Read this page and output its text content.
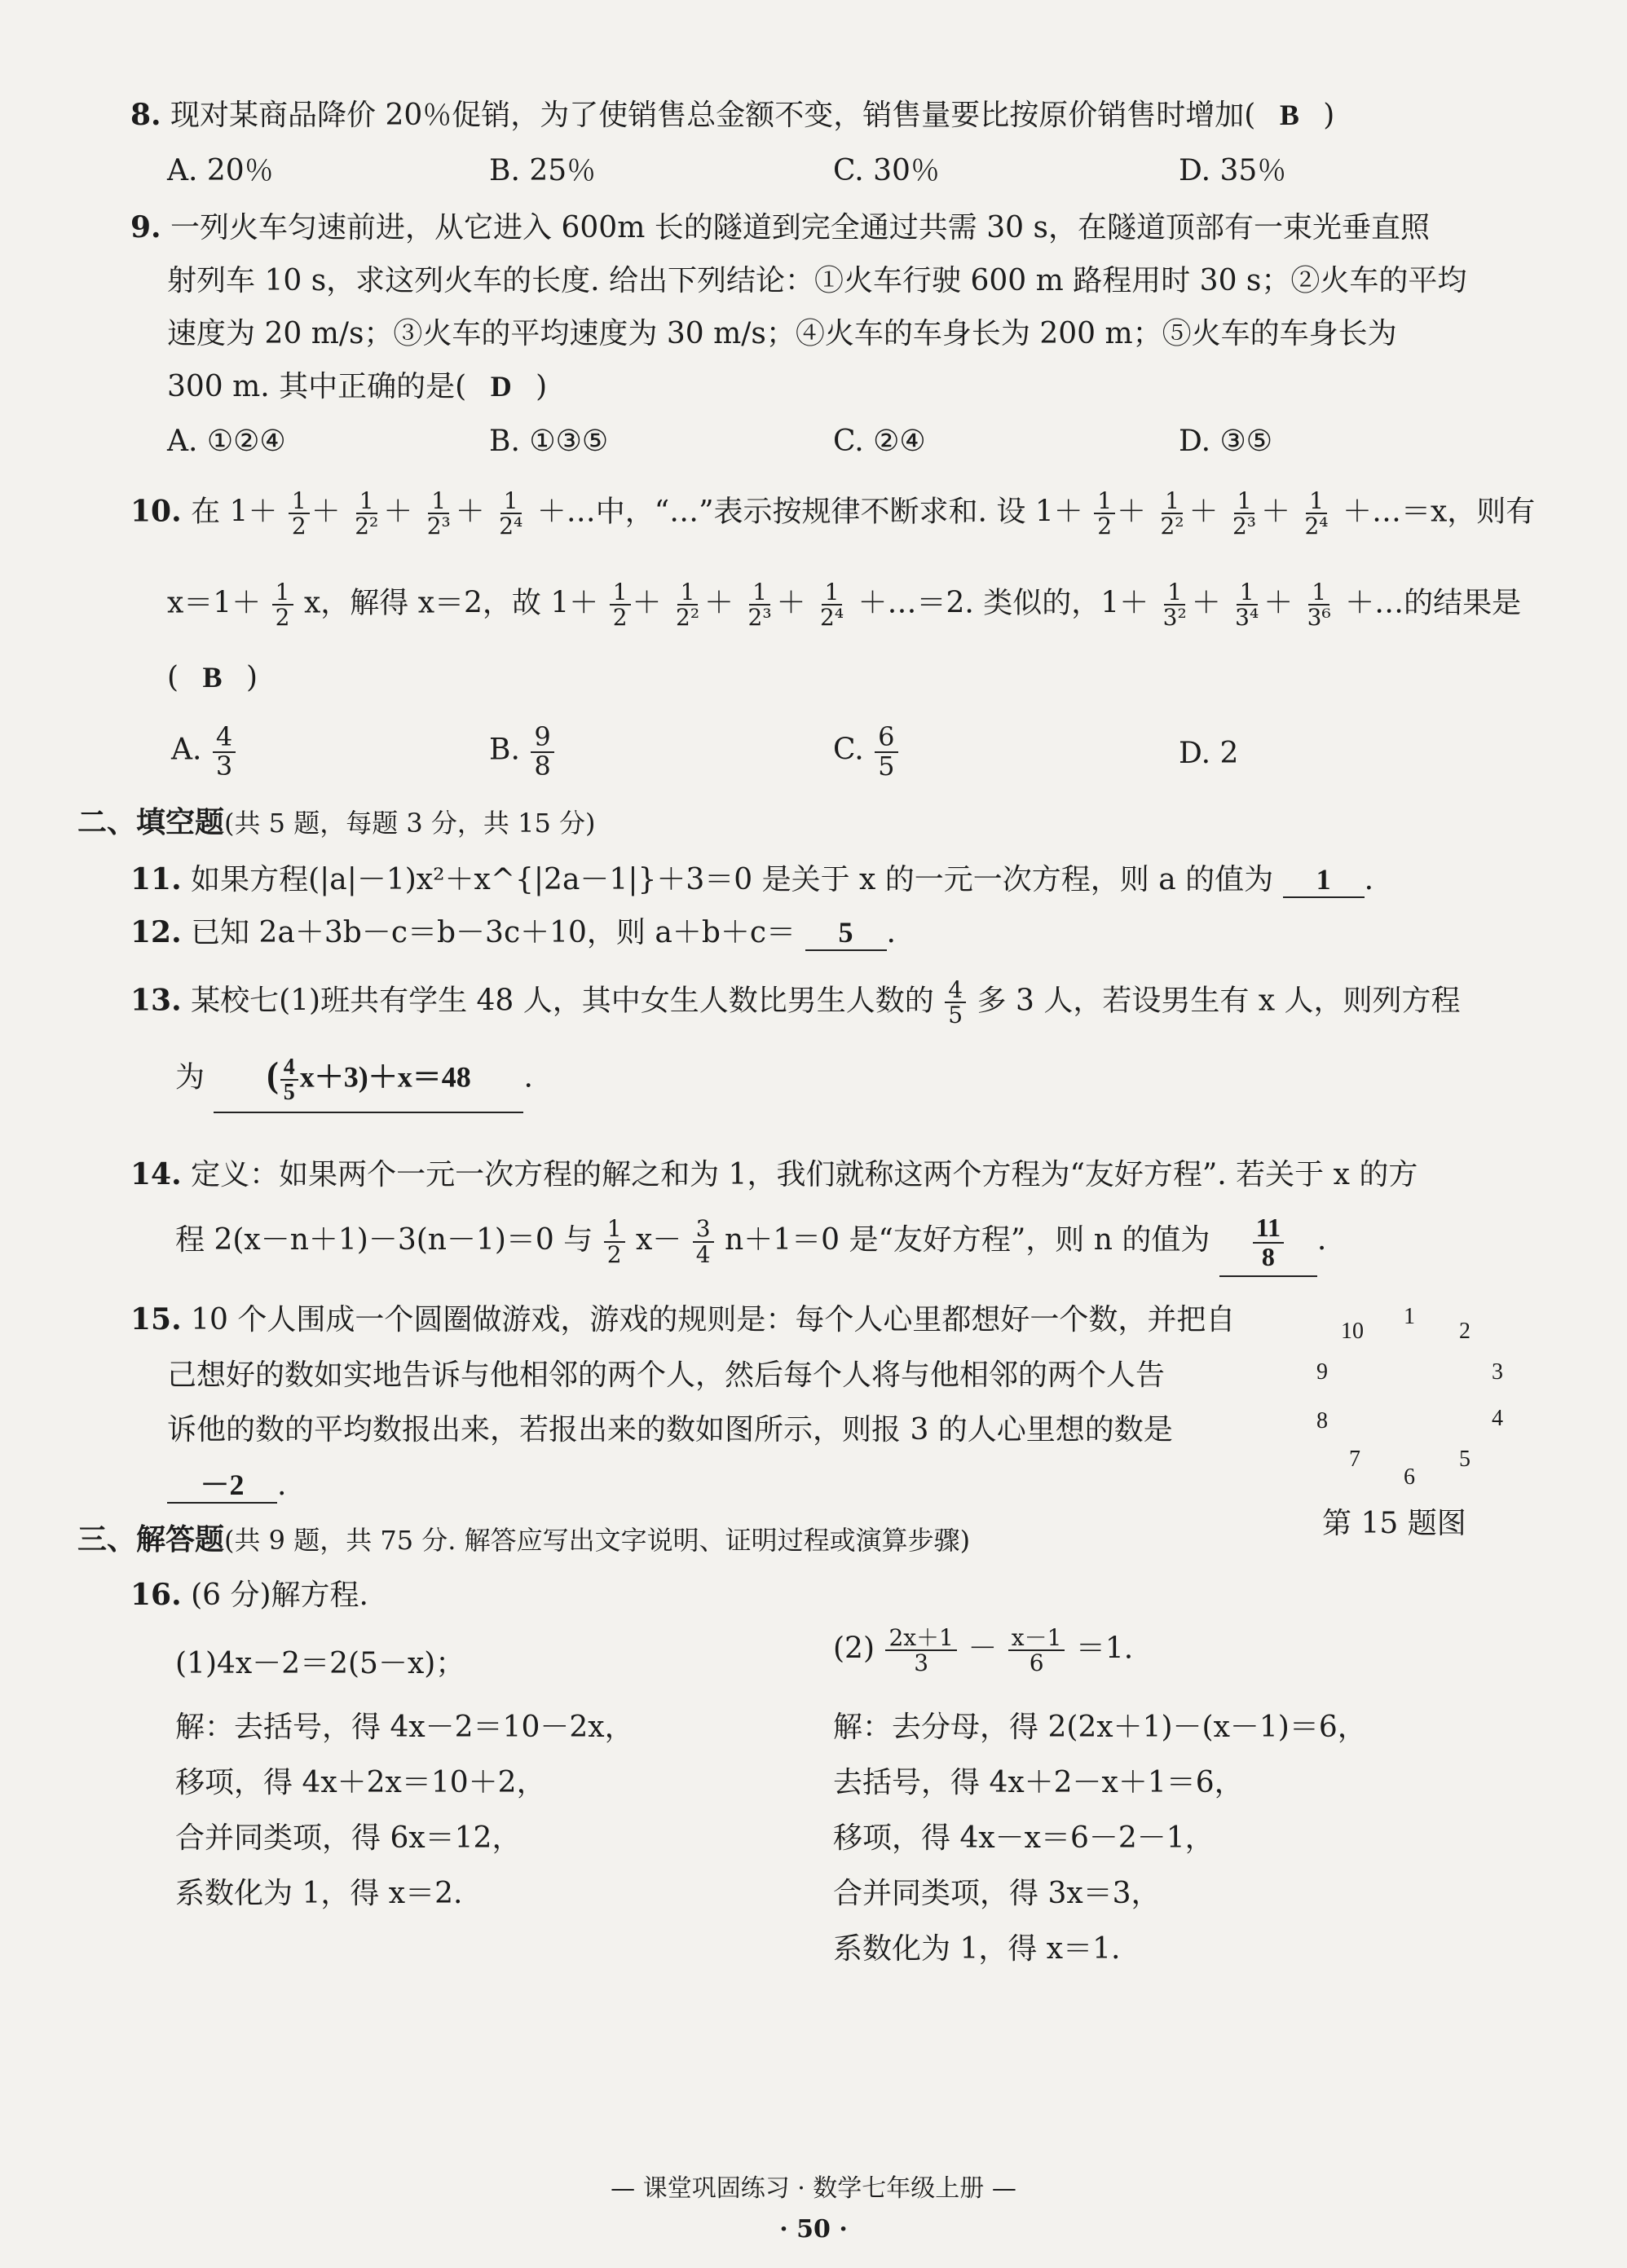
8. 现对某商品降价 20％促销，为了使销售总金额不变，销售量要比按原价销售时增加( B )
A. 20％	B. 25％	C. 30％	D. 35％
9. 一列火车匀速前进，从它进入 600m 长的隧道到完全通过共需 30 s，在隧道顶部有一束光垂直照
射列车 10 s，求这列火车的长度. 给出下列结论：①火车行驶 600 m 路程用时 30 s；②火车的平均
速度为 20 m/s；③火车的平均速度为 30 m/s；④火车的车身长为 200 m；⑤火车的车身长为
300 m. 其中正确的是( D )
A. ①②④	B. ①③⑤	C. ②④	D. ③⑤
10. 在 $1+ \frac{1}{2} + \frac{1}{\text{2²}} + \frac{1}{\text{2³}} + \frac{1}{\text{2⁴}}$ ＋…中，“…”表示按规律不断求和. 设 $1+ \frac{1}{2} + \frac{1}{\text{2²}} + \frac{1}{\text{2³}} + \frac{1}{\text{2⁴}}$ ＋…＝x，则有
$x=1+ \frac{1}{2}$ x，解得 x＝2，故 $1+ \frac{1}{2} + \frac{1}{\text{2²}} + \frac{1}{\text{2³}} + \frac{1}{\text{2⁴}}$ ＋…＝2. 类似的，$1+ \frac{1}{\text{3²}} + \frac{1}{\text{3⁴}} + \frac{1}{\text{3⁶}}$ ＋…的结果是
( B )
A. $\frac{4}{3}$	B. $\frac{9}{8}$	C. $\frac{6}{5}$	D. 2
二、填空题(共 5 题，每题 3 分，共 15 分)
11. 如果方程(|a|－1)x²＋x^{|2a－1|}＋3＝0 是关于 x 的一元一次方程，则 a 的值为 1 .
12. 已知 2a＋3b－c＝b－3c＋10，则 a＋b＋c＝ 5 .
13. 某校七(1)班共有学生 48 人，其中女生人数比男生人数的 $\frac{4}{5}$ 多 3 人，若设男生有 x 人，则列方程
为 ( $\frac{4}{5} x+3)+x=48$ .
14. 定义：如果两个一元一次方程的解之和为 1，我们就称这两个方程为“友好方程”. 若关于 x 的方
程 2(x－n＋1)－3(n－1)＝0 与 $\frac{1}{2} x- \frac{3}{4} n+1=0$ 是“友好方程”，则 n 的值为 $\frac{11}{8}$ .
15. 10 个人围成一个圆圈做游戏，游戏的规则是：每个人心里都想好一个数，并把自
己想好的数如实地告诉与他相邻的两个人，然后每个人将与他相邻的两个人告
诉他的数的平均数报出来，若报出来的数如图所示，则报 3 的人心里想的数是
－2 .
1
2
3
4
5
6
7
8
9
10
第 15 题图
三、解答题(共 9 题，共 75 分. 解答应写出文字说明、证明过程或演算步骤)
16. (6 分)解方程.
(1)4x－2＝2(5－x)；
解：去括号，得 4x－2＝10－2x，
移项，得 4x＋2x＝10＋2，
合并同类项，得 6x＝12，
系数化为 1，得 x＝2.
$(2) \frac{2x+1}{3} - \frac{x-1}{6} =1$.
解：去分母，得 2(2x＋1)－(x－1)＝6，
去括号，得 4x＋2－x＋1＝6，
移项，得 4x－x＝6－2－1，
合并同类项，得 3x＝3，
系数化为 1，得 x＝1.
— 课堂巩固练习 · 数学七年级上册 —
· 50 ·
